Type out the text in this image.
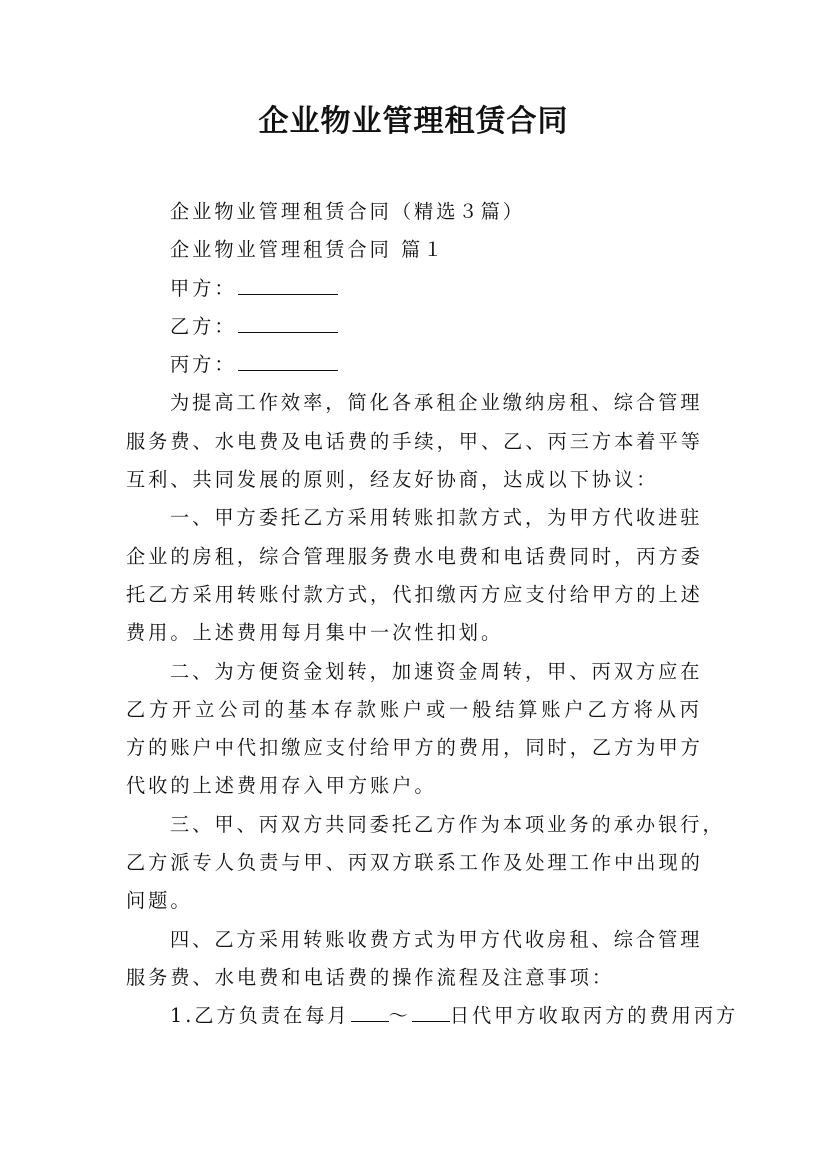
企业物业管理租赁合同
企业物业管理租赁合同（精选３篇）
企业物业管理租赁合同 篇１
甲方：
乙方：
丙方：
为提高工作效率，简化各承租企业缴纳房租、综合管理
服务费、水电费及电话费的手续，甲、乙、丙三方本着平等
互利、共同发展的原则，经友好协商，达成以下协议：
一、甲方委托乙方采用转账扣款方式，为甲方代收进驻
企业的房租，综合管理服务费水电费和电话费同时，丙方委
托乙方采用转账付款方式，代扣缴丙方应支付给甲方的上述
费用。上述费用每月集中一次性扣划。
二、为方便资金划转，加速资金周转，甲、丙双方应在
乙方开立公司的基本存款账户或一般结算账户乙方将从丙
方的账户中代扣缴应支付给甲方的费用，同时，乙方为甲方
代收的上述费用存入甲方账户。
三、甲、丙双方共同委托乙方作为本项业务的承办银行，
乙方派专人负责与甲、丙双方联系工作及处理工作中出现的
问题。
四、乙方采用转账收费方式为甲方代收房租、综合管理
服务费、水电费和电话费的操作流程及注意事项：
1.乙方负责在每月 ～ 日代甲方收取丙方的费用丙方
